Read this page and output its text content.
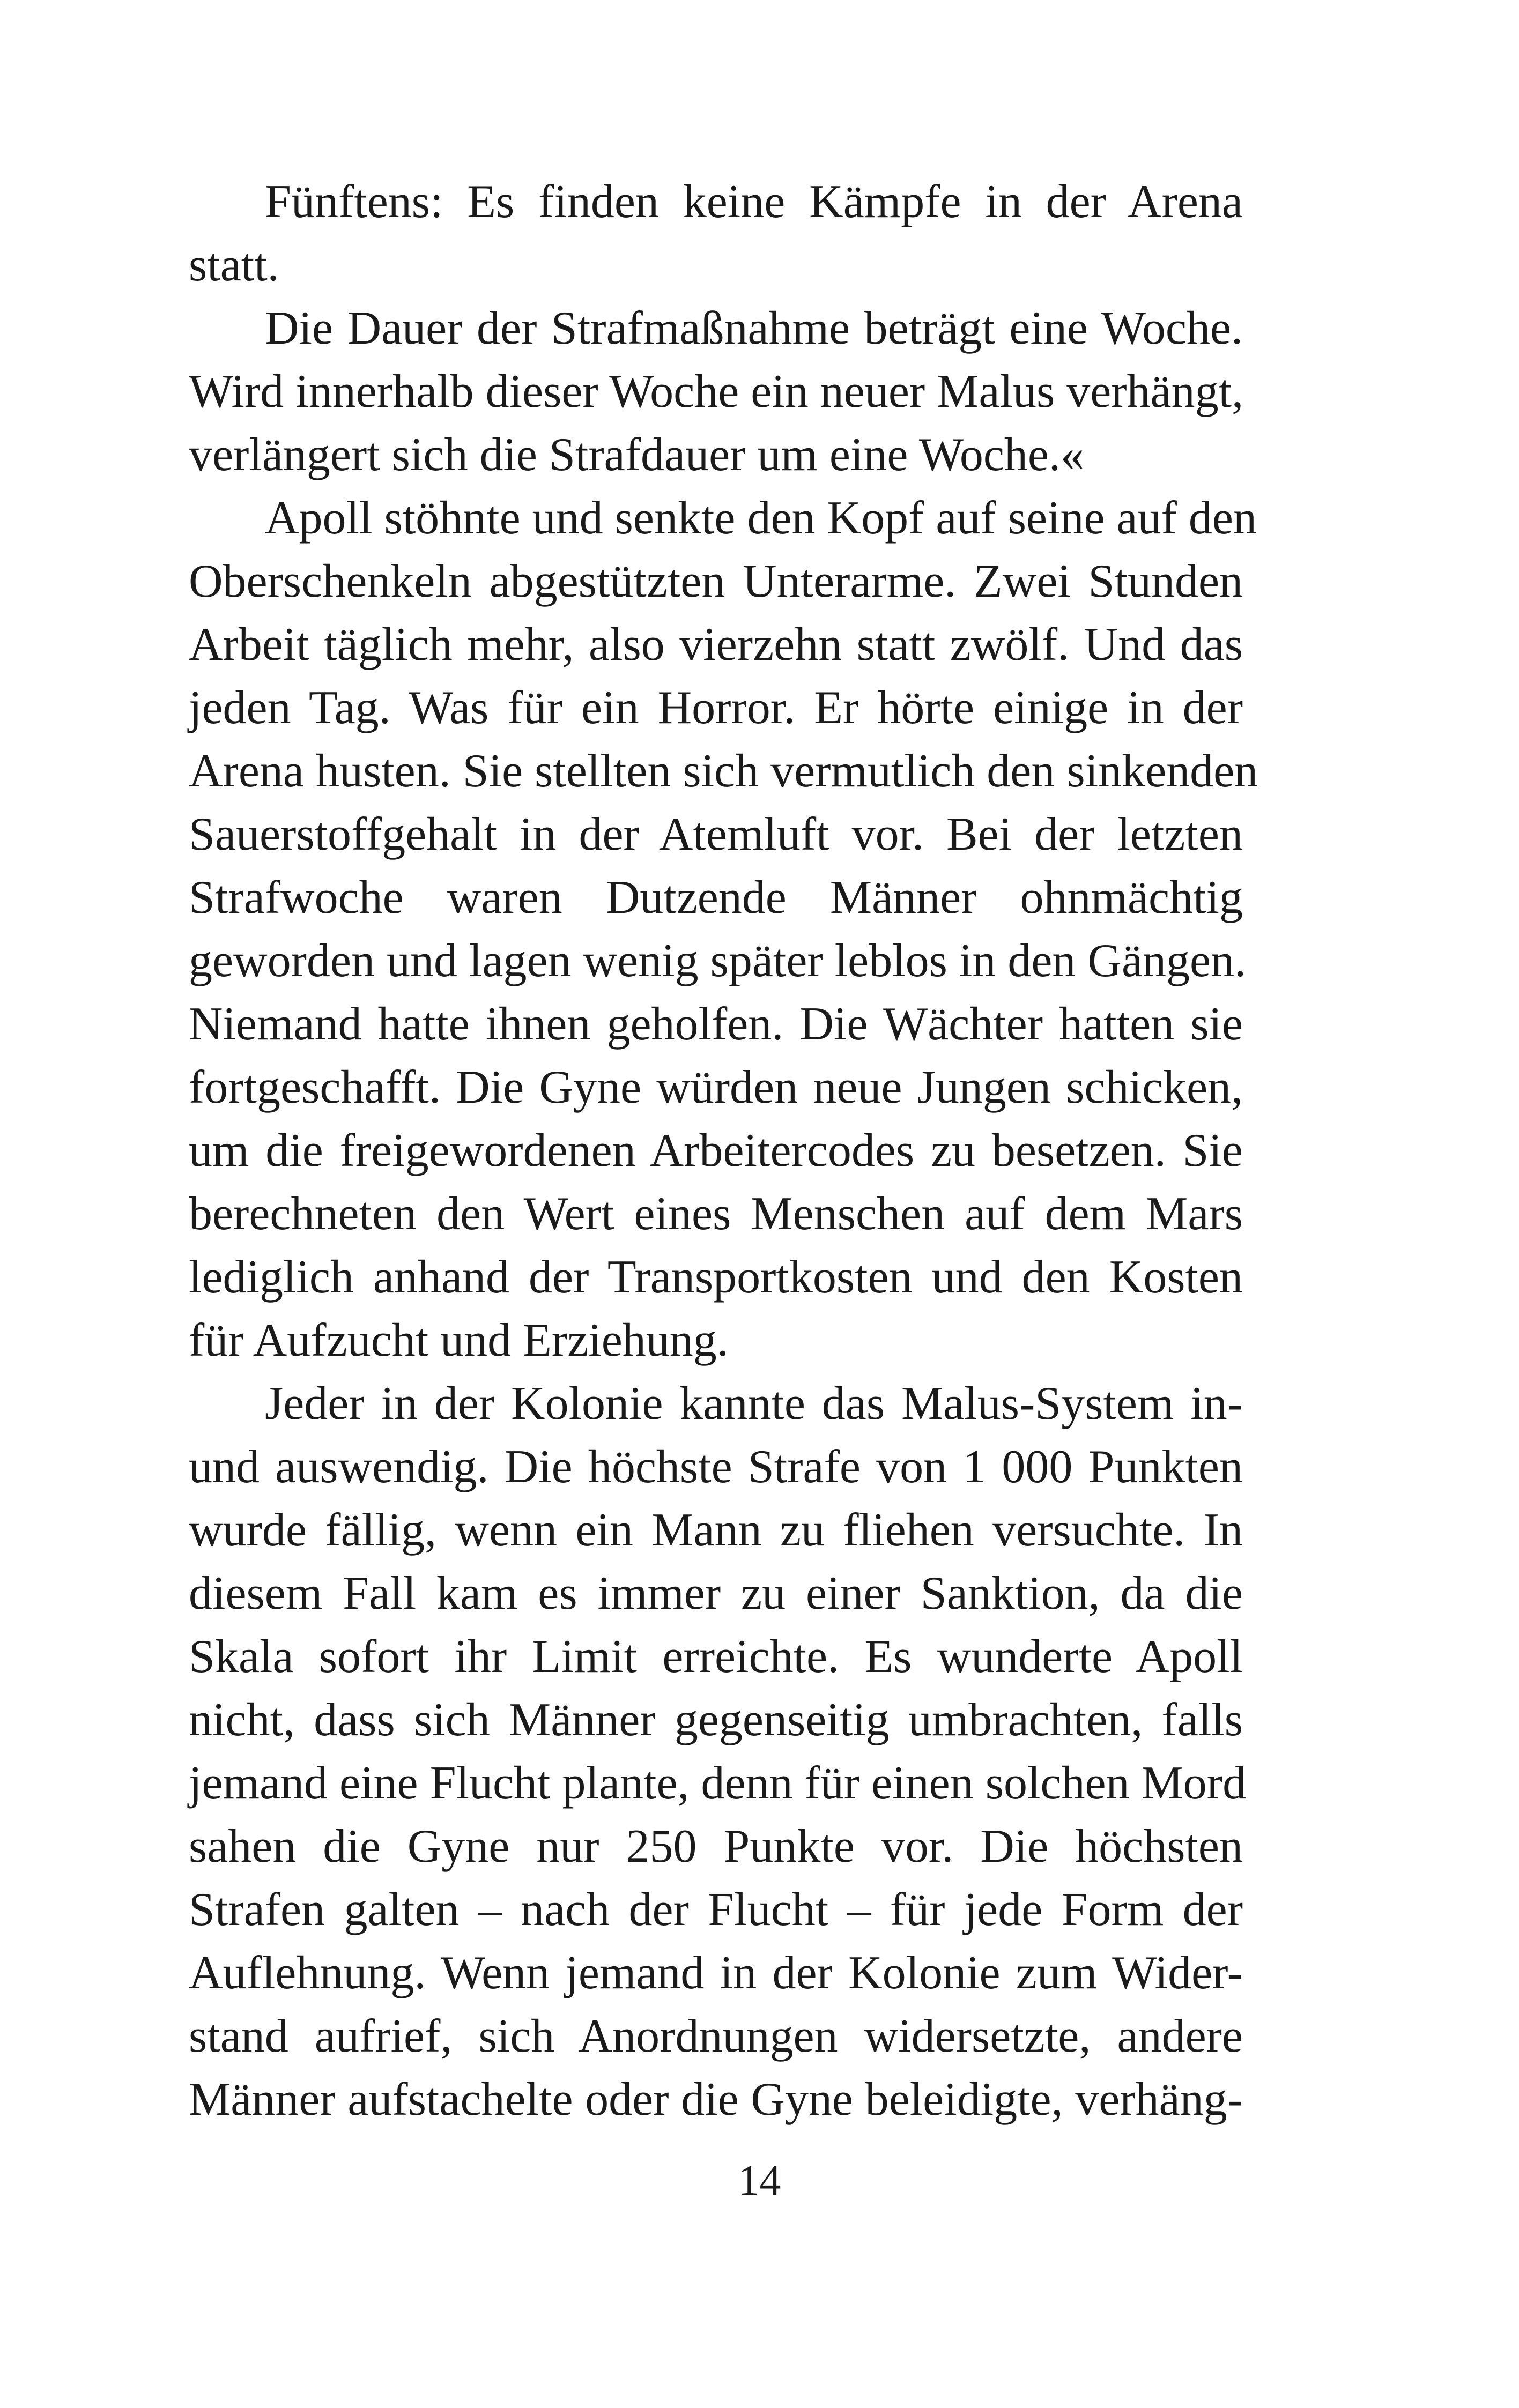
Fünftens: Es finden keine Kämpfe in der Arena
statt.
Die Dauer der Strafmaßnahme beträgt eine Woche.
Wird innerhalb dieser Woche ein neuer Malus verhängt,
verlängert sich die Strafdauer um eine Woche.«
Apoll stöhnte und senkte den Kopf auf seine auf den
Oberschenkeln abgestützten Unterarme. Zwei Stunden
Arbeit täglich mehr, also vierzehn statt zwölf. Und das
jeden Tag. Was für ein Horror. Er hörte einige in der
Arena husten. Sie stellten sich vermutlich den sinkenden
Sauerstoffgehalt in der Atemluft vor. Bei der letzten
Strafwoche waren Dutzende Männer ohnmächtig
geworden und lagen wenig später leblos in den Gängen.
Niemand hatte ihnen geholfen. Die Wächter hatten sie
fortgeschafft. Die Gyne würden neue Jungen schicken,
um die freigewordenen Arbeitercodes zu besetzen. Sie
berechneten den Wert eines Menschen auf dem Mars
lediglich anhand der Transportkosten und den Kosten
für Aufzucht und Erziehung.
Jeder in der Kolonie kannte das Malus-System in-
und auswendig. Die höchste Strafe von 1 000 Punkten
wurde fällig, wenn ein Mann zu fliehen versuchte. In
diesem Fall kam es immer zu einer Sanktion, da die
Skala sofort ihr Limit erreichte. Es wunderte Apoll
nicht, dass sich Männer gegenseitig umbrachten, falls
jemand eine Flucht plante, denn für einen solchen Mord
sahen die Gyne nur 250 Punkte vor. Die höchsten
Strafen galten – nach der Flucht – für jede Form der
Auflehnung. Wenn jemand in der Kolonie zum Wider-
stand aufrief, sich Anordnungen widersetzte, andere
Männer aufstachelte oder die Gyne beleidigte, verhäng-
14
